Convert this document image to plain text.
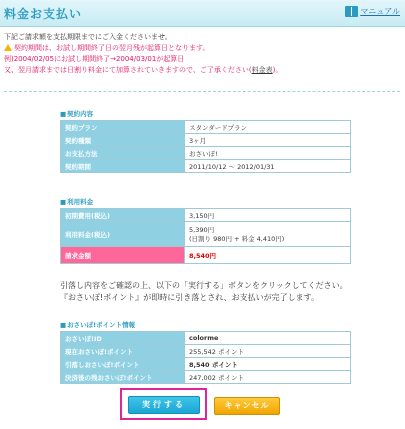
料金お支払い	マニュアル
下記ご請求額を支払期限までにご入金くださいませ。
契約期間は、お試し期間終了日の翌月残が起算日となります。
例)2004/02/05にお試し期間終了→2004/03/01が起算日
又、翌月請求までは日割り料金にて加算されていきますので、ご了承ください(料金表)。
■ 契約内容
契約プラン	スタンダードプラン
契約種類	3ヶ月
お支払方法	おさいぽ!
契約期間	2011/10/12 ～ 2012/01/31
■ 利用料金
初期費用(税込)	3,150円
利用料金(税込)	5,390円
(日割り 980円 + 料金 4,410円)

請求金額	8,540円
引落し内容をご確認の上、以下の「実行する」ボタンをクリックしてください。
『おさいぽ!ポイント』が即時に引き落とされ、お支払いが完了します。
■ おさいぽ!ポイント情報
おさいぽ!ID	colorme
現在おさいぽ!ポイント	255,542 ポイント
引落しおさいぽ!ポイント	8,540 ポイント
決済後の残おさいぽ!ポイント	247,002 ポイント
実行する	キャンセル
